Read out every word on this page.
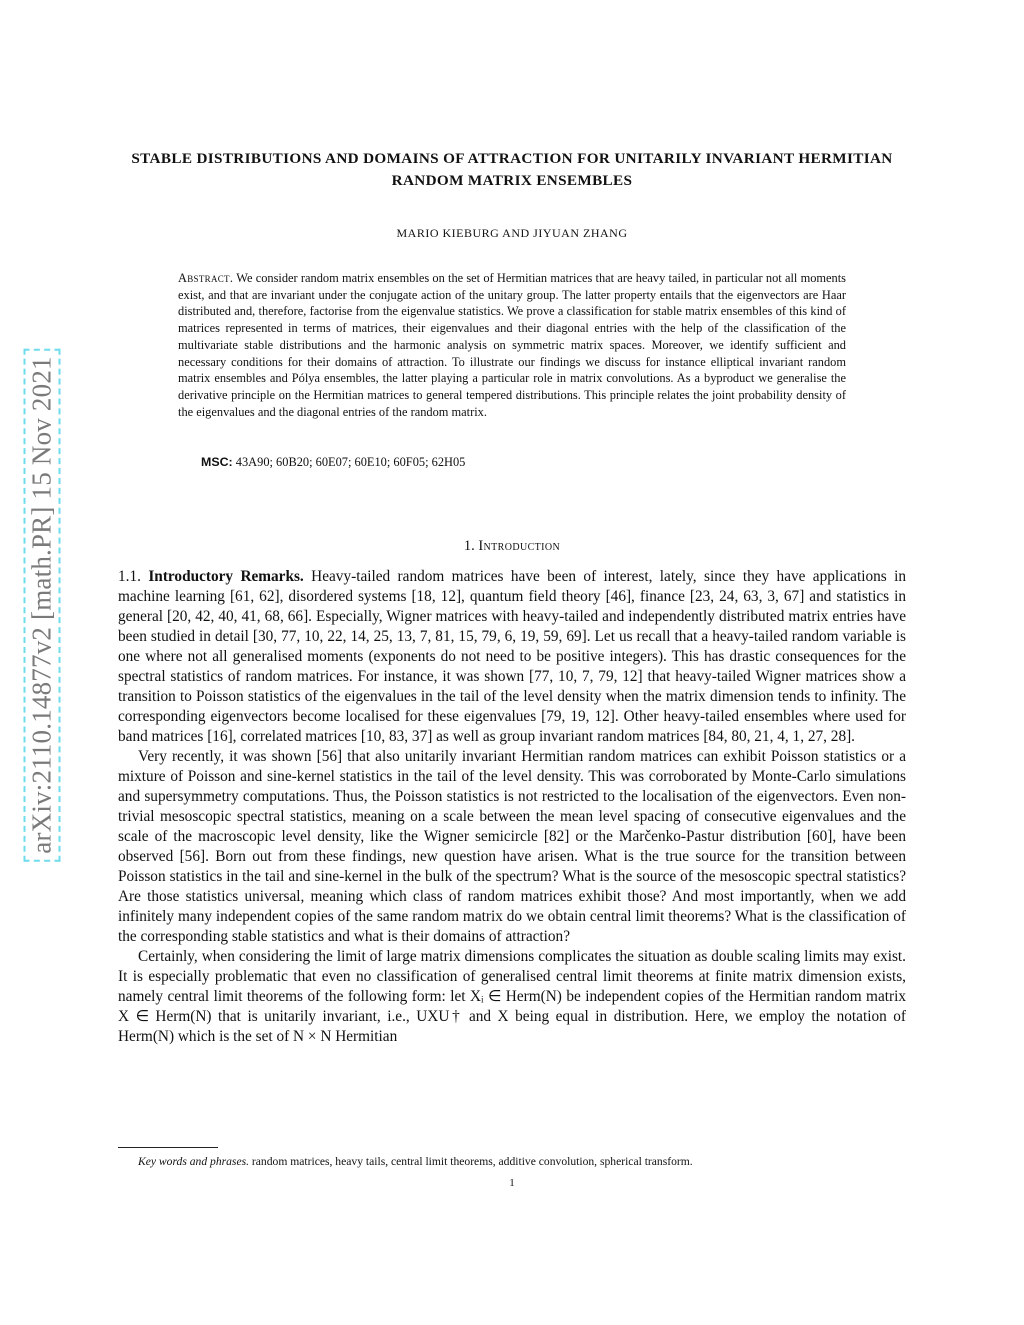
arXiv:2110.14877v2 [math.PR] 15 Nov 2021
STABLE DISTRIBUTIONS AND DOMAINS OF ATTRACTION FOR UNITARILY INVARIANT HERMITIAN RANDOM MATRIX ENSEMBLES
MARIO KIEBURG AND JIYUAN ZHANG
Abstract. We consider random matrix ensembles on the set of Hermitian matrices that are heavy tailed, in particular not all moments exist, and that are invariant under the conjugate action of the unitary group. The latter property entails that the eigenvectors are Haar distributed and, therefore, factorise from the eigenvalue statistics. We prove a classification for stable matrix ensembles of this kind of matrices represented in terms of matrices, their eigenvalues and their diagonal entries with the help of the classification of the multivariate stable distributions and the harmonic analysis on symmetric matrix spaces. Moreover, we identify sufficient and necessary conditions for their domains of attraction. To illustrate our findings we discuss for instance elliptical invariant random matrix ensembles and Pólya ensembles, the latter playing a particular role in matrix convolutions. As a byproduct we generalise the derivative principle on the Hermitian matrices to general tempered distributions. This principle relates the joint probability density of the eigenvalues and the diagonal entries of the random matrix.
MSC: 43A90; 60B20; 60E07; 60E10; 60F05; 62H05
1. Introduction

1.1. Introductory Remarks. Heavy-tailed random matrices have been of interest, lately, since they have applications in machine learning [61, 62], disordered systems [18, 12], quantum field theory [46], finance [23, 24, 63, 3, 67] and statistics in general [20, 42, 40, 41, 68, 66]. Especially, Wigner matrices with heavy-tailed and independently distributed matrix entries have been studied in detail [30, 77, 10, 22, 14, 25, 13, 7, 81, 15, 79, 6, 19, 59, 69]. Let us recall that a heavy-tailed random variable is one where not all generalised moments (exponents do not need to be positive integers). This has drastic consequences for the spectral statistics of random matrices. For instance, it was shown [77, 10, 7, 79, 12] that heavy-tailed Wigner matrices show a transition to Poisson statistics of the eigenvalues in the tail of the level density when the matrix dimension tends to infinity. The corresponding eigenvectors become localised for these eigenvalues [79, 19, 12]. Other heavy-tailed ensembles where used for band matrices [16], correlated matrices [10, 83, 37] as well as group invariant random matrices [84, 80, 21, 4, 1, 27, 28].

Very recently, it was shown [56] that also unitarily invariant Hermitian random matrices can exhibit Poisson statistics or a mixture of Poisson and sine-kernel statistics in the tail of the level density. This was corroborated by Monte-Carlo simulations and supersymmetry computations. Thus, the Poisson statistics is not restricted to the localisation of the eigenvectors. Even non-trivial mesoscopic spectral statistics, meaning on a scale between the mean level spacing of consecutive eigenvalues and the scale of the macroscopic level density, like the Wigner semicircle [82] or the Marčenko-Pastur distribution [60], have been observed [56]. Born out from these findings, new question have arisen. What is the true source for the transition between Poisson statistics in the tail and sine-kernel in the bulk of the spectrum? What is the source of the mesoscopic spectral statistics? Are those statistics universal, meaning which class of random matrices exhibit those? And most importantly, when we add infinitely many independent copies of the same random matrix do we obtain central limit theorems? What is the classification of the corresponding stable statistics and what is their domains of attraction?

Certainly, when considering the limit of large matrix dimensions complicates the situation as double scaling limits may exist. It is especially problematic that even no classification of generalised central limit theorems at finite matrix dimension exists, namely central limit theorems of the following form: let Xᵢ ∈ Herm(N) be independent copies of the Hermitian random matrix X ∈ Herm(N) that is unitarily invariant, i.e., UXU† and X being equal in distribution. Here, we employ the notation of Herm(N) which is the set of N × N Hermitian

Key words and phrases. random matrices, heavy tails, central limit theorems, additive convolution, spherical transform.
1
